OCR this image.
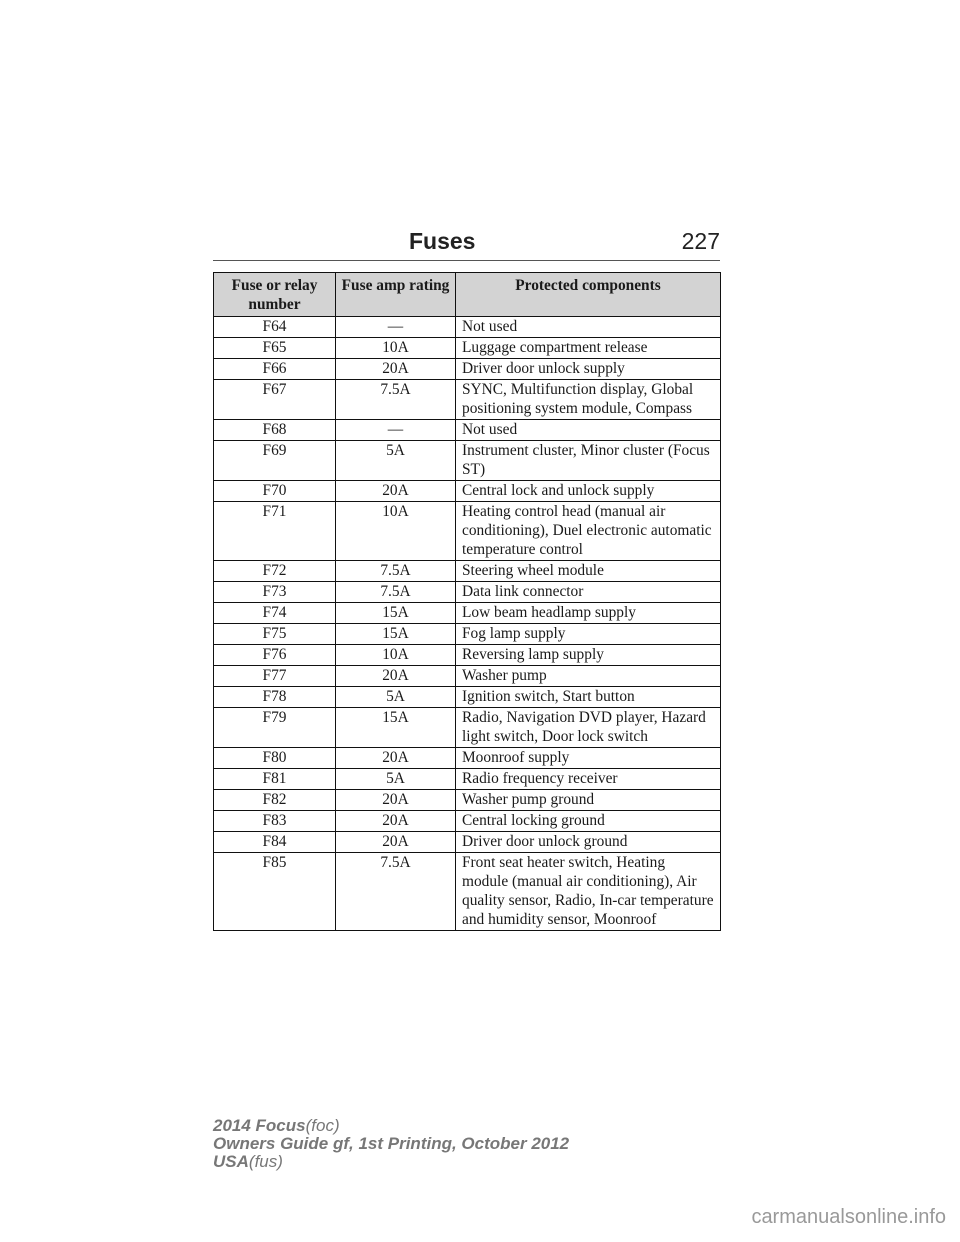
Fuses	227
Fuse or relay number	Fuse amp rating	Protected components
F64	—	Not used
F65	10A	Luggage compartment release
F66	20A	Driver door unlock supply
F67	7.5A	SYNC, Multifunction display, Global positioning system module, Compass
F68	—	Not used
F69	5A	Instrument cluster, Minor cluster (Focus ST)
F70	20A	Central lock and unlock supply
F71	10A	Heating control head (manual air conditioning), Duel electronic automatic temperature control
F72	7.5A	Steering wheel module
F73	7.5A	Data link connector
F74	15A	Low beam headlamp supply
F75	15A	Fog lamp supply
F76	10A	Reversing lamp supply
F77	20A	Washer pump
F78	5A	Ignition switch, Start button
F79	15A	Radio, Navigation DVD player, Hazard light switch, Door lock switch
F80	20A	Moonroof supply
F81	5A	Radio frequency receiver
F82	20A	Washer pump ground
F83	20A	Central locking ground
F84	20A	Driver door unlock ground
F85	7.5A	Front seat heater switch, Heating module (manual air conditioning), Air quality sensor, Radio, In-car temperature and humidity sensor, Moonroof
2014 Focus(foc)
Owners Guide gf, 1st Printing, October 2012
USA(fus)
carmanualsonline.info
